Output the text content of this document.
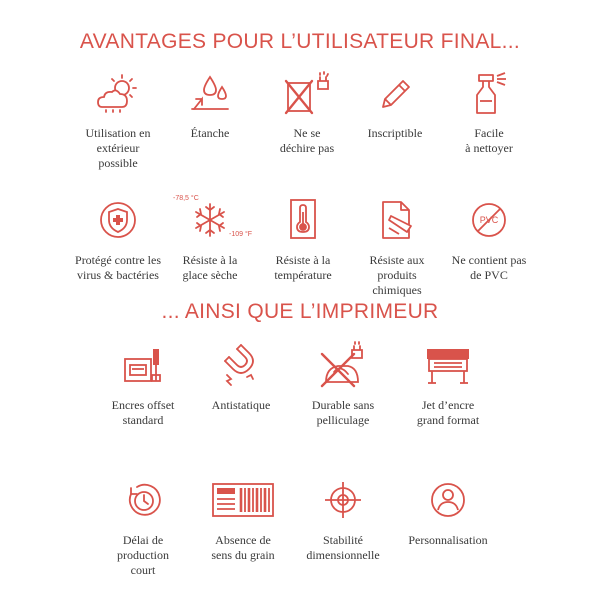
AVANTAGES POUR L’UTILISATEUR FINAL...
Utilisation en
extérieur
possible
Étanche	Ne se
déchire pas
Inscriptible	Facile
à nettoyer
Protégé contre les
virus & bactéries
-78,5 °C
-109 °F
Résiste à la
glace sèche
Résiste à la
température
Résiste aux
produits
chimiques
PVC
Ne contient pas
de PVC
... AINSI QUE L’IMPRIMEUR
Encres offset
standard
Antistatique	Durable sans
pelliculage
Jet d’encre
grand format
Délai de
production
court
Absence de
sens du grain
Stabilité
dimensionnelle
Personnalisation
